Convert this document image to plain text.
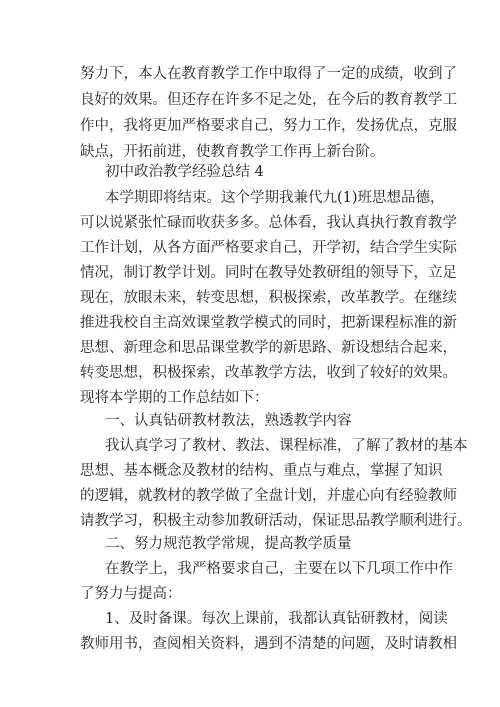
努力下，本人在教育教学工作中取得了一定的成绩，收到了
良好的效果。但还存在许多不足之处，在今后的教育教学工
作中，我将更加严格要求自己，努力工作，发扬优点，克服
缺点，开拓前进，使教育教学工作再上新台阶。
初中政治教学经验总结 4
本学期即将结束。这个学期我兼代九(1)班思想品德，
可以说紧张忙碌而收获多多。总体看，我认真执行教育教学
工作计划，从各方面严格要求自己，开学初，结合学生实际
情况，制订教学计划。同时在教导处教研组的领导下，立足
现在，放眼未来，转变思想，积极探索，改革教学。在继续
推进我校自主高效课堂教学模式的同时，把新课程标准的新
思想、新理念和思品课堂教学的新思路、新设想结合起来，
转变思想，积极探索，改革教学方法，收到了较好的效果。
现将本学期的工作总结如下：
一、认真钻研教材教法，熟透教学内容
我认真学习了教材、教法、课程标准，了解了教材的基本
思想、基本概念及教材的结构、重点与难点，掌握了知识
的逻辑，就教材的教学做了全盘计划，并虚心向有经验教师
请教学习，积极主动参加教研活动，保证思品教学顺利进行。
二、努力规范教学常规，提高教学质量
在教学上，我严格要求自己，主要在以下几项工作中作
了努力与提高：
1、及时备课。每次上课前，我都认真钻研教材，阅读
教师用书，查阅相关资料，遇到不清楚的问题，及时请教相
